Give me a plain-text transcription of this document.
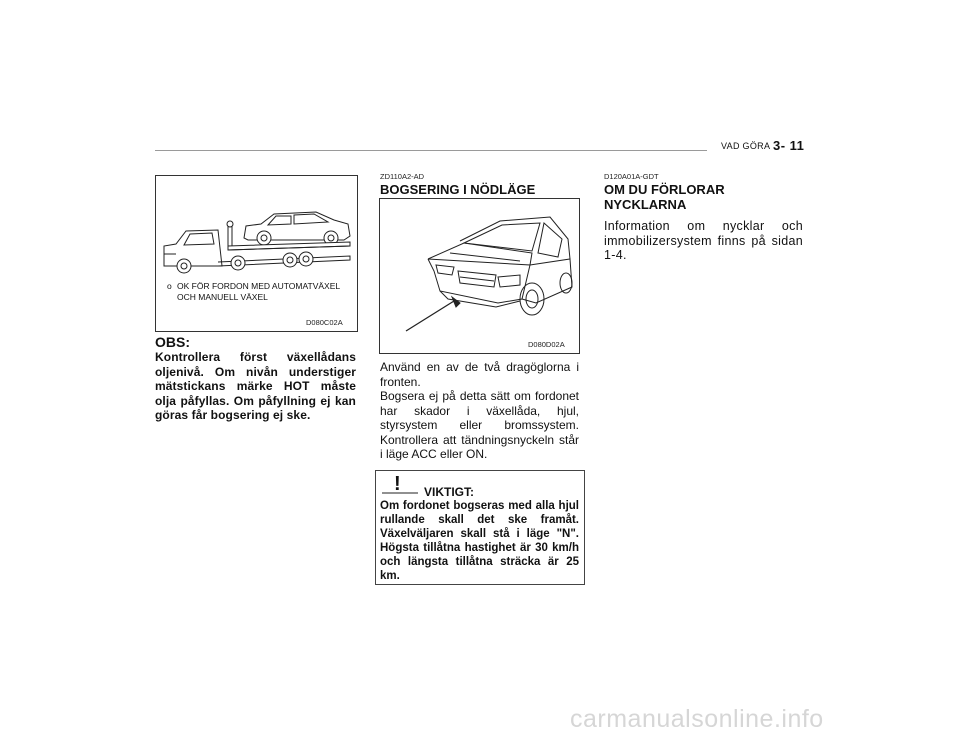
VAD GÖRA 3- 11
D080C02A
o OK FÖR FORDON MED AUTOMATVÄXEL
OCH MANUELL VÄXEL
OBS:
Kontrollera först växellådans oljenivå. Om nivån understiger mätstickans märke HOT måste olja påfyllas. Om påfyllning ej kan göras får bogsering ej ske.
ZD110A2-AD
BOGSERING I NÖDLÄGE
D080D02A
Använd en av de två dragöglorna i fronten.
Bogsera ej på detta sätt om fordonet har skador i växellåda, hjul, styrsystem eller bromssystem. Kontrollera att tändningsnyckeln står i läge ACC eller ON.
! VIKTIGT:
Om fordonet bogseras med alla hjul rullande skall det ske framåt. Växelväljaren skall stå i läge "N". Högsta tillåtna hastighet är 30 km/h och längsta tillåtna sträcka är 25 km.
D120A01A-GDT
OM DU FÖRLORAR
NYCKLARNA
Information om nycklar och immobilizersystem finns på sidan 1-4.
carmanualsonline.info
